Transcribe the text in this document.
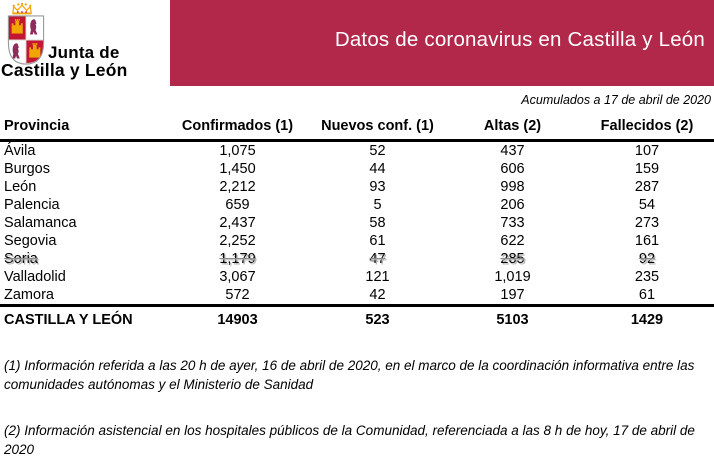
Junta de
Castilla y León
Datos de coronavirus en Castilla y León
Acumulados a 17 de abril de 2020
Provincia	Confirmados (1)	Nuevos conf. (1)	Altas (2)	Fallecidos (2)
Ávila	1,075	52	437	107
Burgos	1,450	44	606	159
León	2,212	93	998	287
Palencia	659	5	206	54
Salamanca	2,437	58	733	273
Segovia	2,252	61	622	161
Soria	1,179	47	285	92
Valladolid	3,067	121	1,019	235
Zamora	572	42	197	61
CASTILLA Y LEÓN	14903	523	5103	1429

(1) Información referida a las 20 h de ayer, 16 de abril de 2020, en el marco de la coordinación informativa entre las comunidades autónomas y el Ministerio de Sanidad

(2) Información asistencial en los hospitales públicos de la Comunidad, referenciada a las 8 h de hoy, 17 de abril de 2020
